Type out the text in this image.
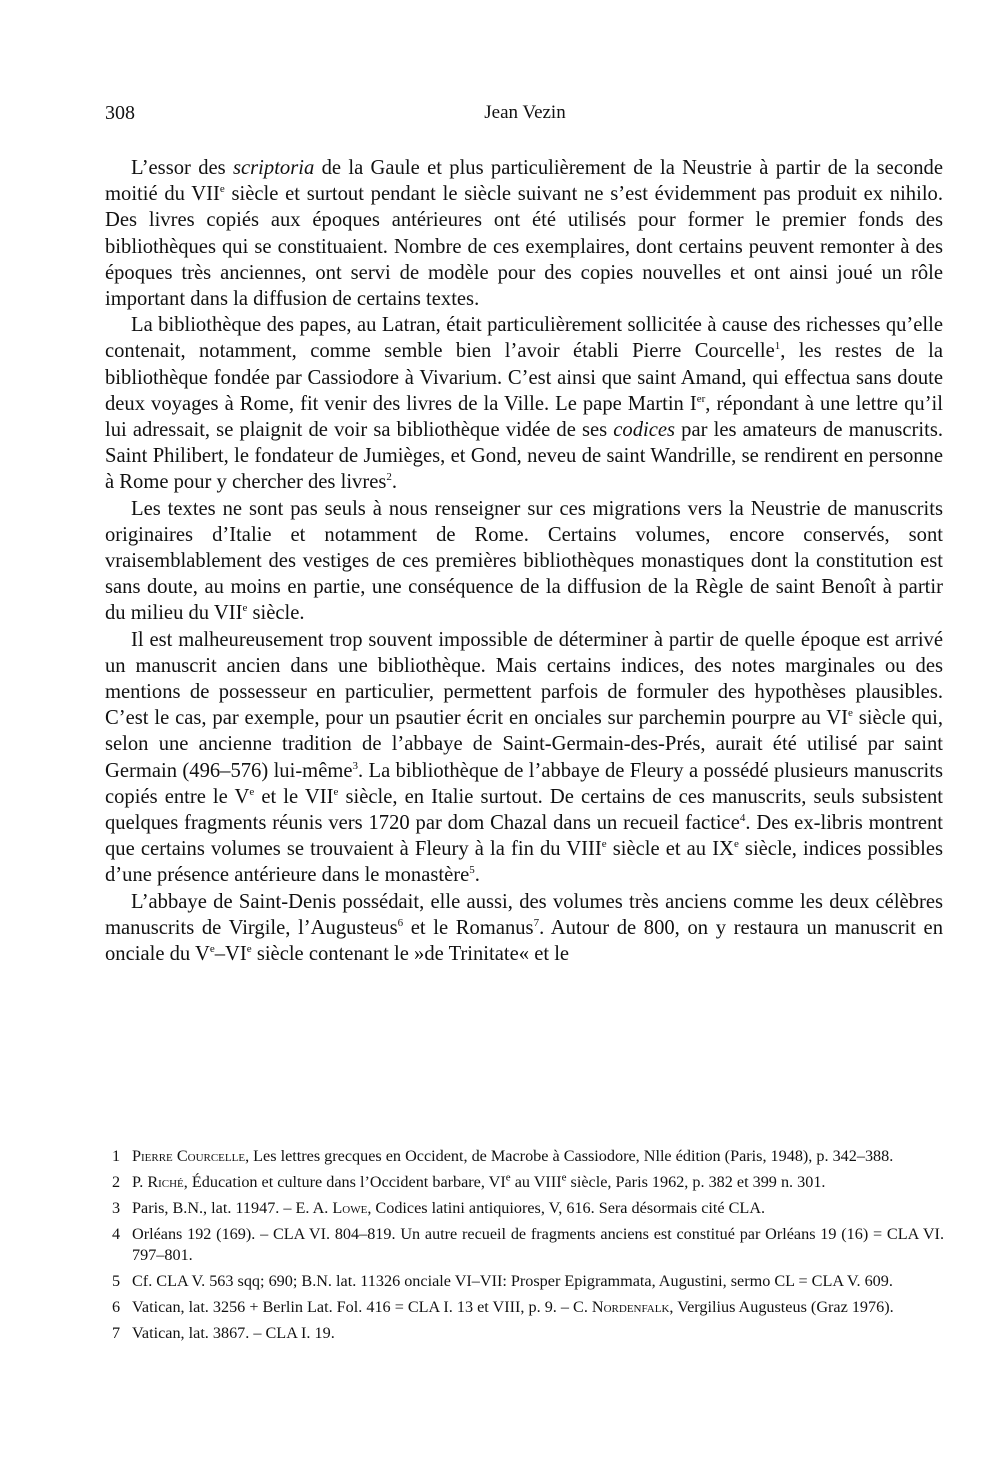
308	Jean Vezin

L’essor des scriptoria de la Gaule et plus particulièrement de la Neustrie à partir de la seconde moitié du VIIe siècle et surtout pendant le siècle suivant ne s’est évidemment pas produit ex nihilo. Des livres copiés aux époques antérieures ont été utilisés pour former le premier fonds des bibliothèques qui se constituaient. Nombre de ces exemplaires, dont certains peuvent remonter à des époques très anciennes, ont servi de modèle pour des copies nouvelles et ont ainsi joué un rôle important dans la diffusion de certains textes.

La bibliothèque des papes, au Latran, était particulièrement sollicitée à cause des richesses qu’elle contenait, notamment, comme semble bien l’avoir établi Pierre Courcelle$^1$, les restes de la bibliothèque fondée par Cassiodore à Vivarium. C’est ainsi que saint Amand, qui effectua sans doute deux voyages à Rome, fit venir des livres de la Ville. Le pape Martin Ier, répondant à une lettre qu’il lui adressait, se plaignit de voir sa bibliothèque vidée de ses codices par les amateurs de manuscrits. Saint Philibert, le fondateur de Jumièges, et Gond, neveu de saint Wandrille, se rendirent en personne à Rome pour y chercher des livres$^2$.

Les textes ne sont pas seuls à nous renseigner sur ces migrations vers la Neustrie de manuscrits originaires d’Italie et notamment de Rome. Certains volumes, encore conservés, sont vraisemblablement des vestiges de ces premières bibliothèques monastiques dont la constitution est sans doute, au moins en partie, une conséquence de la diffusion de la Règle de saint Benoît à partir du milieu du VIIe siècle.

Il est malheureusement trop souvent impossible de déterminer à partir de quelle époque est arrivé un manuscrit ancien dans une bibliothèque. Mais certains indices, des notes marginales ou des mentions de possesseur en particulier, permettent parfois de formuler des hypothèses plausibles. C’est le cas, par exemple, pour un psautier écrit en onciales sur parchemin pourpre au VIe siècle qui, selon une ancienne tradition de l’abbaye de Saint-Germain-des-Prés, aurait été utilisé par saint Germain (496–576) lui-même$^3$. La bibliothèque de l’abbaye de Fleury a possédé plusieurs manuscrits copiés entre le Ve et le VIIe siècle, en Italie surtout. De certains de ces manuscrits, seuls subsistent quelques fragments réunis vers 1720 par dom Chazal dans un recueil factice$^4$. Des ex-libris montrent que certains volumes se trouvaient à Fleury à la fin du VIIIe siècle et au IXe siècle, indices possibles d’une présence antérieure dans le monastère$^5$.

L’abbaye de Saint-Denis possédait, elle aussi, des volumes très anciens comme les deux célèbres manuscrits de Virgile, l’Augusteus$^6$ et le Romanus$^7$. Autour de 800, on y restaura un manuscrit en onciale du Ve–VIe siècle contenant le »de Trinitate« et le

1 Pierre Courcelle, Les lettres grecques en Occident, de Macrobe à Cassiodore, Nlle édition (Paris, 1948), p. 342–388.
2 P. Riché, Éducation et culture dans l’Occident barbare, VIe au VIIIe siècle, Paris 1962, p. 382 et 399 n. 301.
3 Paris, B.N., lat. 11947. – E. A. Lowe, Codices latini antiquiores, V, 616. Sera désormais cité CLA.
4 Orléans 192 (169). – CLA VI. 804–819. Un autre recueil de fragments anciens est constitué par Orléans 19 (16) = CLA VI. 797–801.
5 Cf. CLA V. 563 sqq; 690; B.N. lat. 11326 onciale VI–VII: Prosper Epigrammata, Augustini, sermo CL = CLA V. 609.
6 Vatican, lat. 3256 + Berlin Lat. Fol. 416 = CLA I. 13 et VIII, p. 9. – C. Nordenfalk, Vergilius Augusteus (Graz 1976).
7 Vatican, lat. 3867. – CLA I. 19.
